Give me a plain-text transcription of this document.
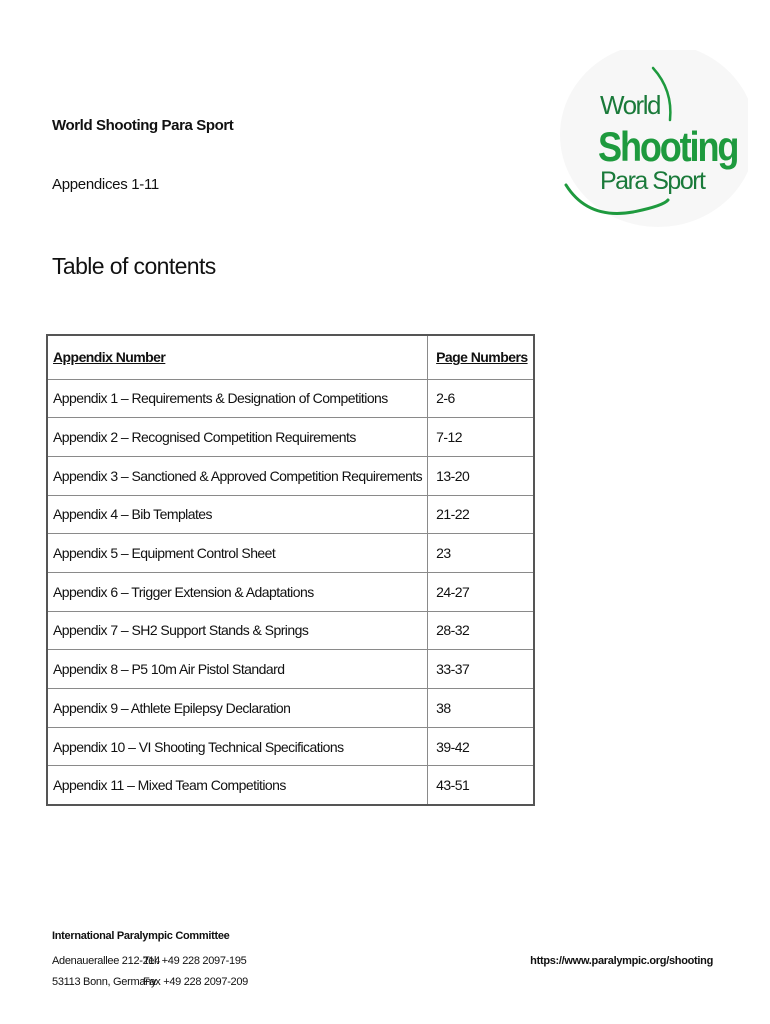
World Shooting Para Sport
Appendices 1-11
Table of contents
World
Shooting
Para Sport
Appendix Number	Page Numbers
Appendix 1 – Requirements & Designation of Competitions	2-6
Appendix 2 – Recognised Competition Requirements	7-12
Appendix 3 – Sanctioned & Approved Competition Requirements	13-20
Appendix 4 – Bib Templates	21-22
Appendix 5 – Equipment Control Sheet	23
Appendix 6 – Trigger Extension & Adaptations	24-27
Appendix 7 – SH2 Support Stands & Springs	28-32
Appendix 8 – P5 10m Air Pistol Standard	33-37
Appendix 9 – Athlete Epilepsy Declaration	38
Appendix 10 – VI Shooting Technical Specifications	39-42
Appendix 11 – Mixed Team Competitions	43-51
International Paralympic Committee
Adenauerallee 212-214
53113 Bonn, Germany
Tel. +49 228 2097-195
Fax +49 228 2097-209
https://www.paralympic.org/shooting
